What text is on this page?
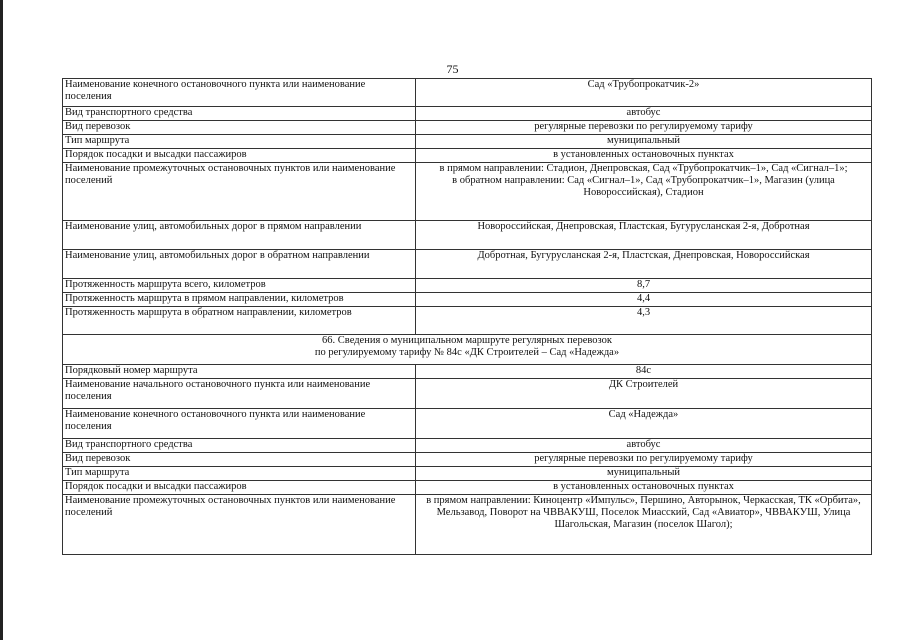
75
Наименование конечного остановочного пункта или наименование поселения	Сад «Трубопрокатчик-2»
Вид транспортного средства	автобус
Вид перевозок	регулярные перевозки по регулируемому тарифу
Тип маршрута	муниципальный
Порядок посадки и высадки пассажиров	в установленных остановочных пунктах
Наименование промежуточных остановочных пунктов или наименование поселений	в прямом направлении: Стадион, Днепровская, Сад «Трубопрокатчик–1», Сад «Сигнал–1»;
в обратном направлении: Сад «Сигнал–1», Сад «Трубопрокатчик–1», Магазин (улица Новороссийская), Стадион

Наименование улиц, автомобильных дорог в прямом направлении	Новороссийская, Днепровская, Пластская, Бугурусланская 2-я, Добротная
Наименование улиц, автомобильных дорог в обратном направлении	Добротная, Бугурусланская 2-я, Пластская, Днепровская, Новороссийская
Протяженность маршрута всего, километров	8,7
Протяженность маршрута в прямом направлении, километров	4,4
Протяженность маршрута в обратном направлении, километров	4,3

66. Сведения о муниципальном маршруте регулярных перевозок
по регулируемому тарифу № 84с «ДК Строителей – Сад «Надежда»	

Порядковый номер маршрута	84с
Наименование начального остановочного пункта или наименование поселения	ДК Строителей
Наименование конечного остановочного пункта или наименование поселения	Сад «Надежда»
Вид транспортного средства	автобус
Вид перевозок	регулярные перевозки по регулируемому тарифу
Тип маршрута	муниципальный
Порядок посадки и высадки пассажиров	в установленных остановочных пунктах
Наименование промежуточных остановочных пунктов или наименование поселений	в прямом направлении: Киноцентр «Импульс», Першино, Авторынок, Черкасская, ТК «Орбита», Мельзавод, Поворот на ЧВВАКУШ, Поселок Миасский, Сад «Авиатор», ЧВВАКУШ, Улица Шагольская, Магазин (поселок Шагол);
